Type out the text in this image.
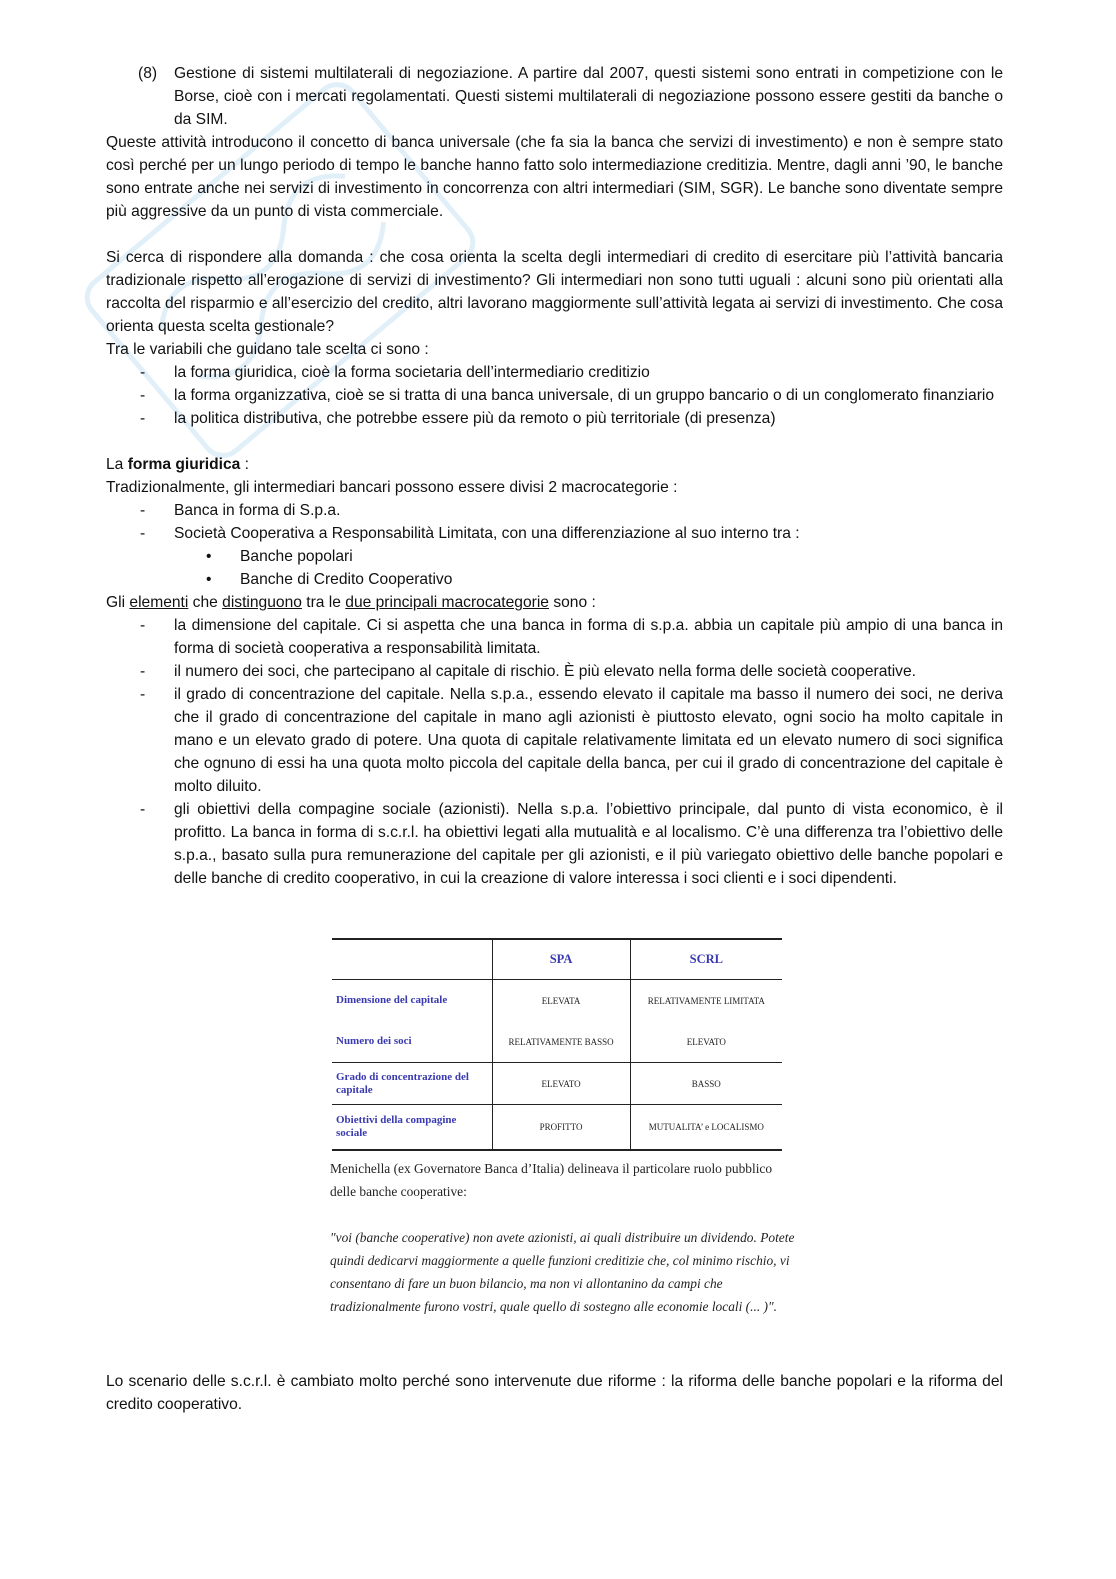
(8)	Gestione di sistemi multilaterali di negoziazione. A partire dal 2007, questi sistemi sono entrati in competizione con le Borse, cioè con i mercati regolamentati. Questi sistemi multilaterali di negoziazione possono essere gestiti da banche o da SIM.

Queste attività introducono il concetto di banca universale (che fa sia la banca che servizi di investimento) e non è sempre stato così perché per un lungo periodo di tempo le banche hanno fatto solo intermediazione creditizia. Mentre, dagli anni ’90, le banche sono entrate anche nei servizi di investimento in concorrenza con altri intermediari (SIM, SGR). Le banche sono diventate sempre più aggressive da un punto di vista commerciale.

Si cerca di rispondere alla domanda : che cosa orienta la scelta degli intermediari di credito di esercitare più l’attività bancaria tradizionale rispetto all’erogazione di servizi di investimento? Gli intermediari non sono tutti uguali : alcuni sono più orientati alla raccolta del risparmio e all’esercizio del credito, altri lavorano maggiormente sull’attività legata ai servizi di investimento. Che cosa orienta questa scelta gestionale?

Tra le variabili che guidano tale scelta ci sono :

-	la forma giuridica, cioè la forma societaria dell’intermediario creditizio
-	la forma organizzativa, cioè se si tratta di una banca universale, di un gruppo bancario o di un conglomerato finanziario
-	la politica distributiva, che potrebbe essere più da remoto o più territoriale (di presenza)

La forma giuridica :

Tradizionalmente, gli intermediari bancari possono essere divisi 2 macrocategorie :

-	Banca in forma di S.p.a.
-	Società Cooperativa a Responsabilità Limitata, con una differenziazione al suo interno tra :
•	Banche popolari
•	Banche di Credito Cooperativo

Gli elementi che distinguono tra le due principali macrocategorie sono :

-	la dimensione del capitale. Ci si aspetta che una banca in forma di s.p.a. abbia un capitale più ampio di una banca in forma di società cooperativa a responsabilità limitata.
-	il numero dei soci, che partecipano al capitale di rischio. È più elevato nella forma delle società cooperative.
-	il grado di concentrazione del capitale. Nella s.p.a., essendo elevato il capitale ma basso il numero dei soci, ne deriva che il grado di concentrazione del capitale in mano agli azionisti è piuttosto elevato, ogni socio ha molto capitale in mano e un elevato grado di potere. Una quota di capitale relativamente limitata ed un elevato numero di soci significa che ognuno di essi ha una quota molto piccola del capitale della banca, per cui il grado di concentrazione del capitale è molto diluito.
-	gli obiettivi della compagine sociale (azionisti). Nella s.p.a. l’obiettivo principale, dal punto di vista economico, è il profitto. La banca in forma di s.c.r.l. ha obiettivi legati alla mutualità e al localismo. C’è una differenza tra l’obiettivo delle s.p.a., basato sulla pura remunerazione del capitale per gli azionisti, e il più variegato obiettivo delle banche popolari e delle banche di credito cooperativo, in cui la creazione di valore interessa i soci clienti e i soci dipendenti.
	SPA	SCRL
Dimensione del capitale	ELEVATA	RELATIVAMENTE LIMITATA
Numero dei soci	RELATIVAMENTE BASSO	ELEVATO
Grado di concentrazione del capitale	ELEVATO	BASSO
Obiettivi della compagine sociale	PROFITTO	MUTUALITA’ e LOCALISMO
Menichella (ex Governatore Banca d’Italia) delineava il particolare ruolo pubblico delle banche cooperative:
"voi (banche cooperative) non avete azionisti, ai quali distribuire un dividendo. Potete quindi dedicarvi maggiormente a quelle funzioni creditizie che, col minimo rischio, vi consentano di fare un buon bilancio, ma non vi allontanino da campi che tradizionalmente furono vostri, quale quello di sostegno alle economie locali (... )".

Lo scenario delle s.c.r.l. è cambiato molto perché sono intervenute due riforme : la riforma delle banche popolari e la riforma del credito cooperativo.
